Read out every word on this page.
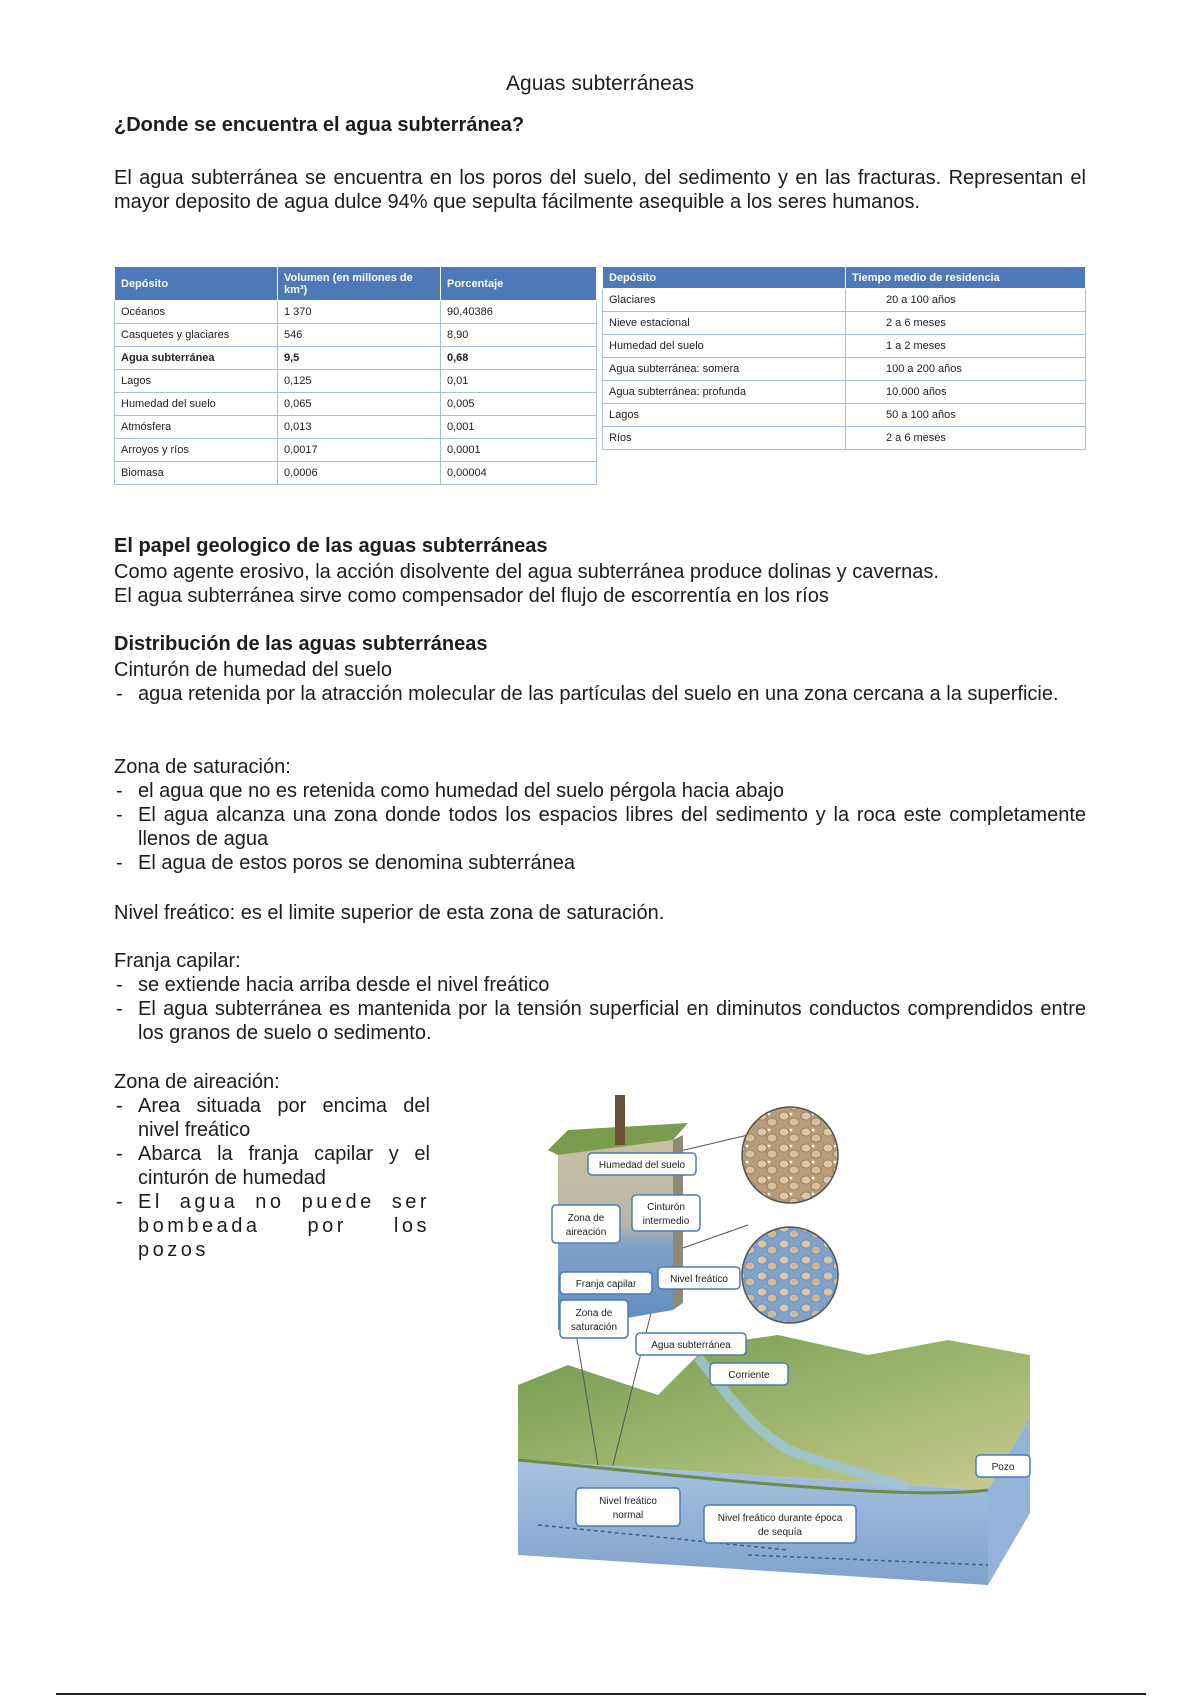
Aguas subterráneas
¿Donde se encuentra el agua subterránea?
El agua subterránea se encuentra en los poros del suelo, del sedimento y en las fracturas. Representan el mayor deposito de agua dulce 94% que sepulta fácilmente asequible a los seres humanos.
Depósito	Volumen (en millones de km³)	Porcentaje
Océanos	1 370	90,40386
Casquetes y glaciares	546	8,90
Agua subterránea	9,5	0,68
Lagos	0,125	0,01
Humedad del suelo	0,065	0,005
Atmósfera	0,013	0,001
Arroyos y ríos	0,0017	0,0001
Biomasa	0,0006	0,00004
Depósito	Tiempo medio de residencia
Glaciares	20 a 100 años
Nieve estacional	2 a 6 meses
Humedad del suelo	1 a 2 meses
Agua subterránea: somera	100 a 200 años
Agua subterránea: profunda	10.000 años
Lagos	50 a 100 años
Ríos	2 a 6 meses
El papel geologico de las aguas subterráneas
Como agente erosivo, la acción disolvente del agua subterránea produce dolinas y cavernas.
El agua subterránea sirve como compensador del flujo de escorrentía en los ríos
Distribución de las aguas subterráneas
Cinturón de humedad del suelo
- agua retenida por la atracción molecular de las partículas del suelo en una zona cercana a la superficie.
Zona de saturación:
- el agua que no es retenida como humedad del suelo pérgola hacia abajo
- El agua alcanza una zona donde todos los espacios libres del sedimento y la roca este completamente llenos de agua
- El agua de estos poros se denomina subterránea
Nivel freático: es el limite superior de esta zona de saturación.
Franja capilar:
- se extiende hacia arriba desde el nivel freático
- El agua subterránea es mantenida por la tensión superficial en diminutos conductos comprendidos entre los granos de suelo o sedimento.
Zona de aireación:
- Area situada por encima del nivel freático
- Abarca la franja capilar y el cinturón de humedad
- El agua no puede ser bombeada por los pozos
Humedad del suelo
Zona de
aireación
Cinturón
intermedio
Franja capilar	Nivel freático
Zona de
saturación
Agua subterránea
Corriente
Pozo
Nivel freático
normal	Nivel freático durante época
de sequía
